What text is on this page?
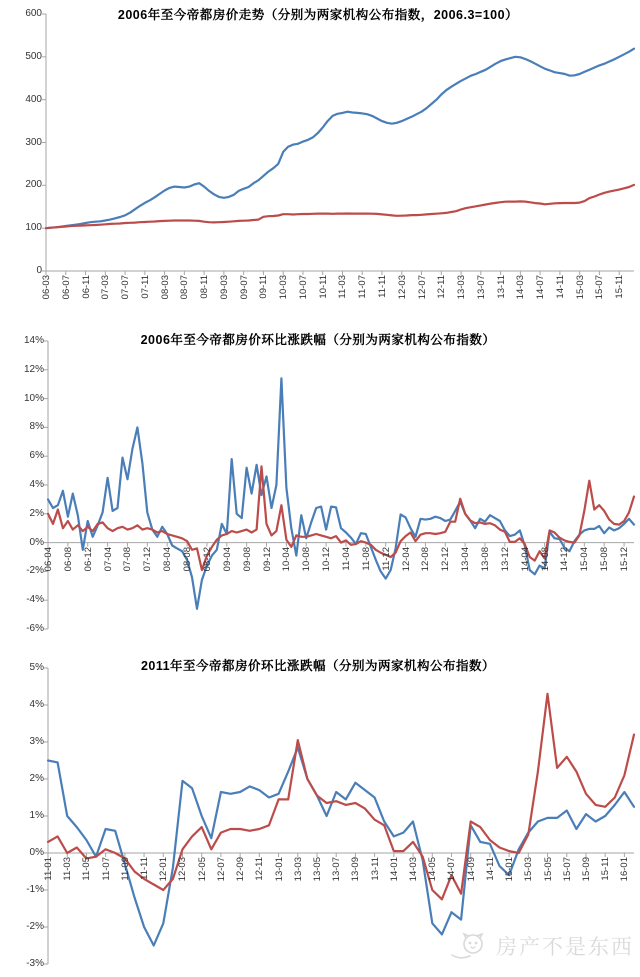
2006年至今帝都房价走势（分别为两家机构公布指数，2006.3=100）
2006年至今帝都房价环比涨跌幅（分别为两家机构公布指数）
2011年至今帝都房价环比涨跌幅（分别为两家机构公布指数）
房产不是东西
600
500
400
300
200
100
0
06-03 06-07 06-11 07-03 07-07 07-11 08-03 08-07 08-11 09-03 09-07 09-11 10-03 10-07 10-11 11-03 11-07 11-11 12-03 12-07 12-11 13-03 13-07 13-11 14-03 14-07 14-11 15-03 15-07 15-11
14%
12%
10%
8%
6%
4%
2%
0%
-2%
-4%
-6%
06-04 06-08 06-12 07-04 07-08 07-12 08-04 08-08 08-12 09-04 09-08 09-12 10-04 10-08 10-12 11-04 11-08 11-12 12-04 12-08 12-12 13-04 13-08 13-12 14-04 14-08 14-12 15-04 15-08 15-12
5%
4%
3%
2%
1%
0%
-1%
-2%
-3%
11-01 11-03 11-05 11-07 11-09 11-11 12-01 12-03 12-05 12-07 12-09 12-11 13-01 13-03 13-05 13-07 13-09 13-11 14-01 14-03 14-05 14-07 14-09 14-11 15-01 15-03 15-05 15-07 15-09 15-11 16-01
